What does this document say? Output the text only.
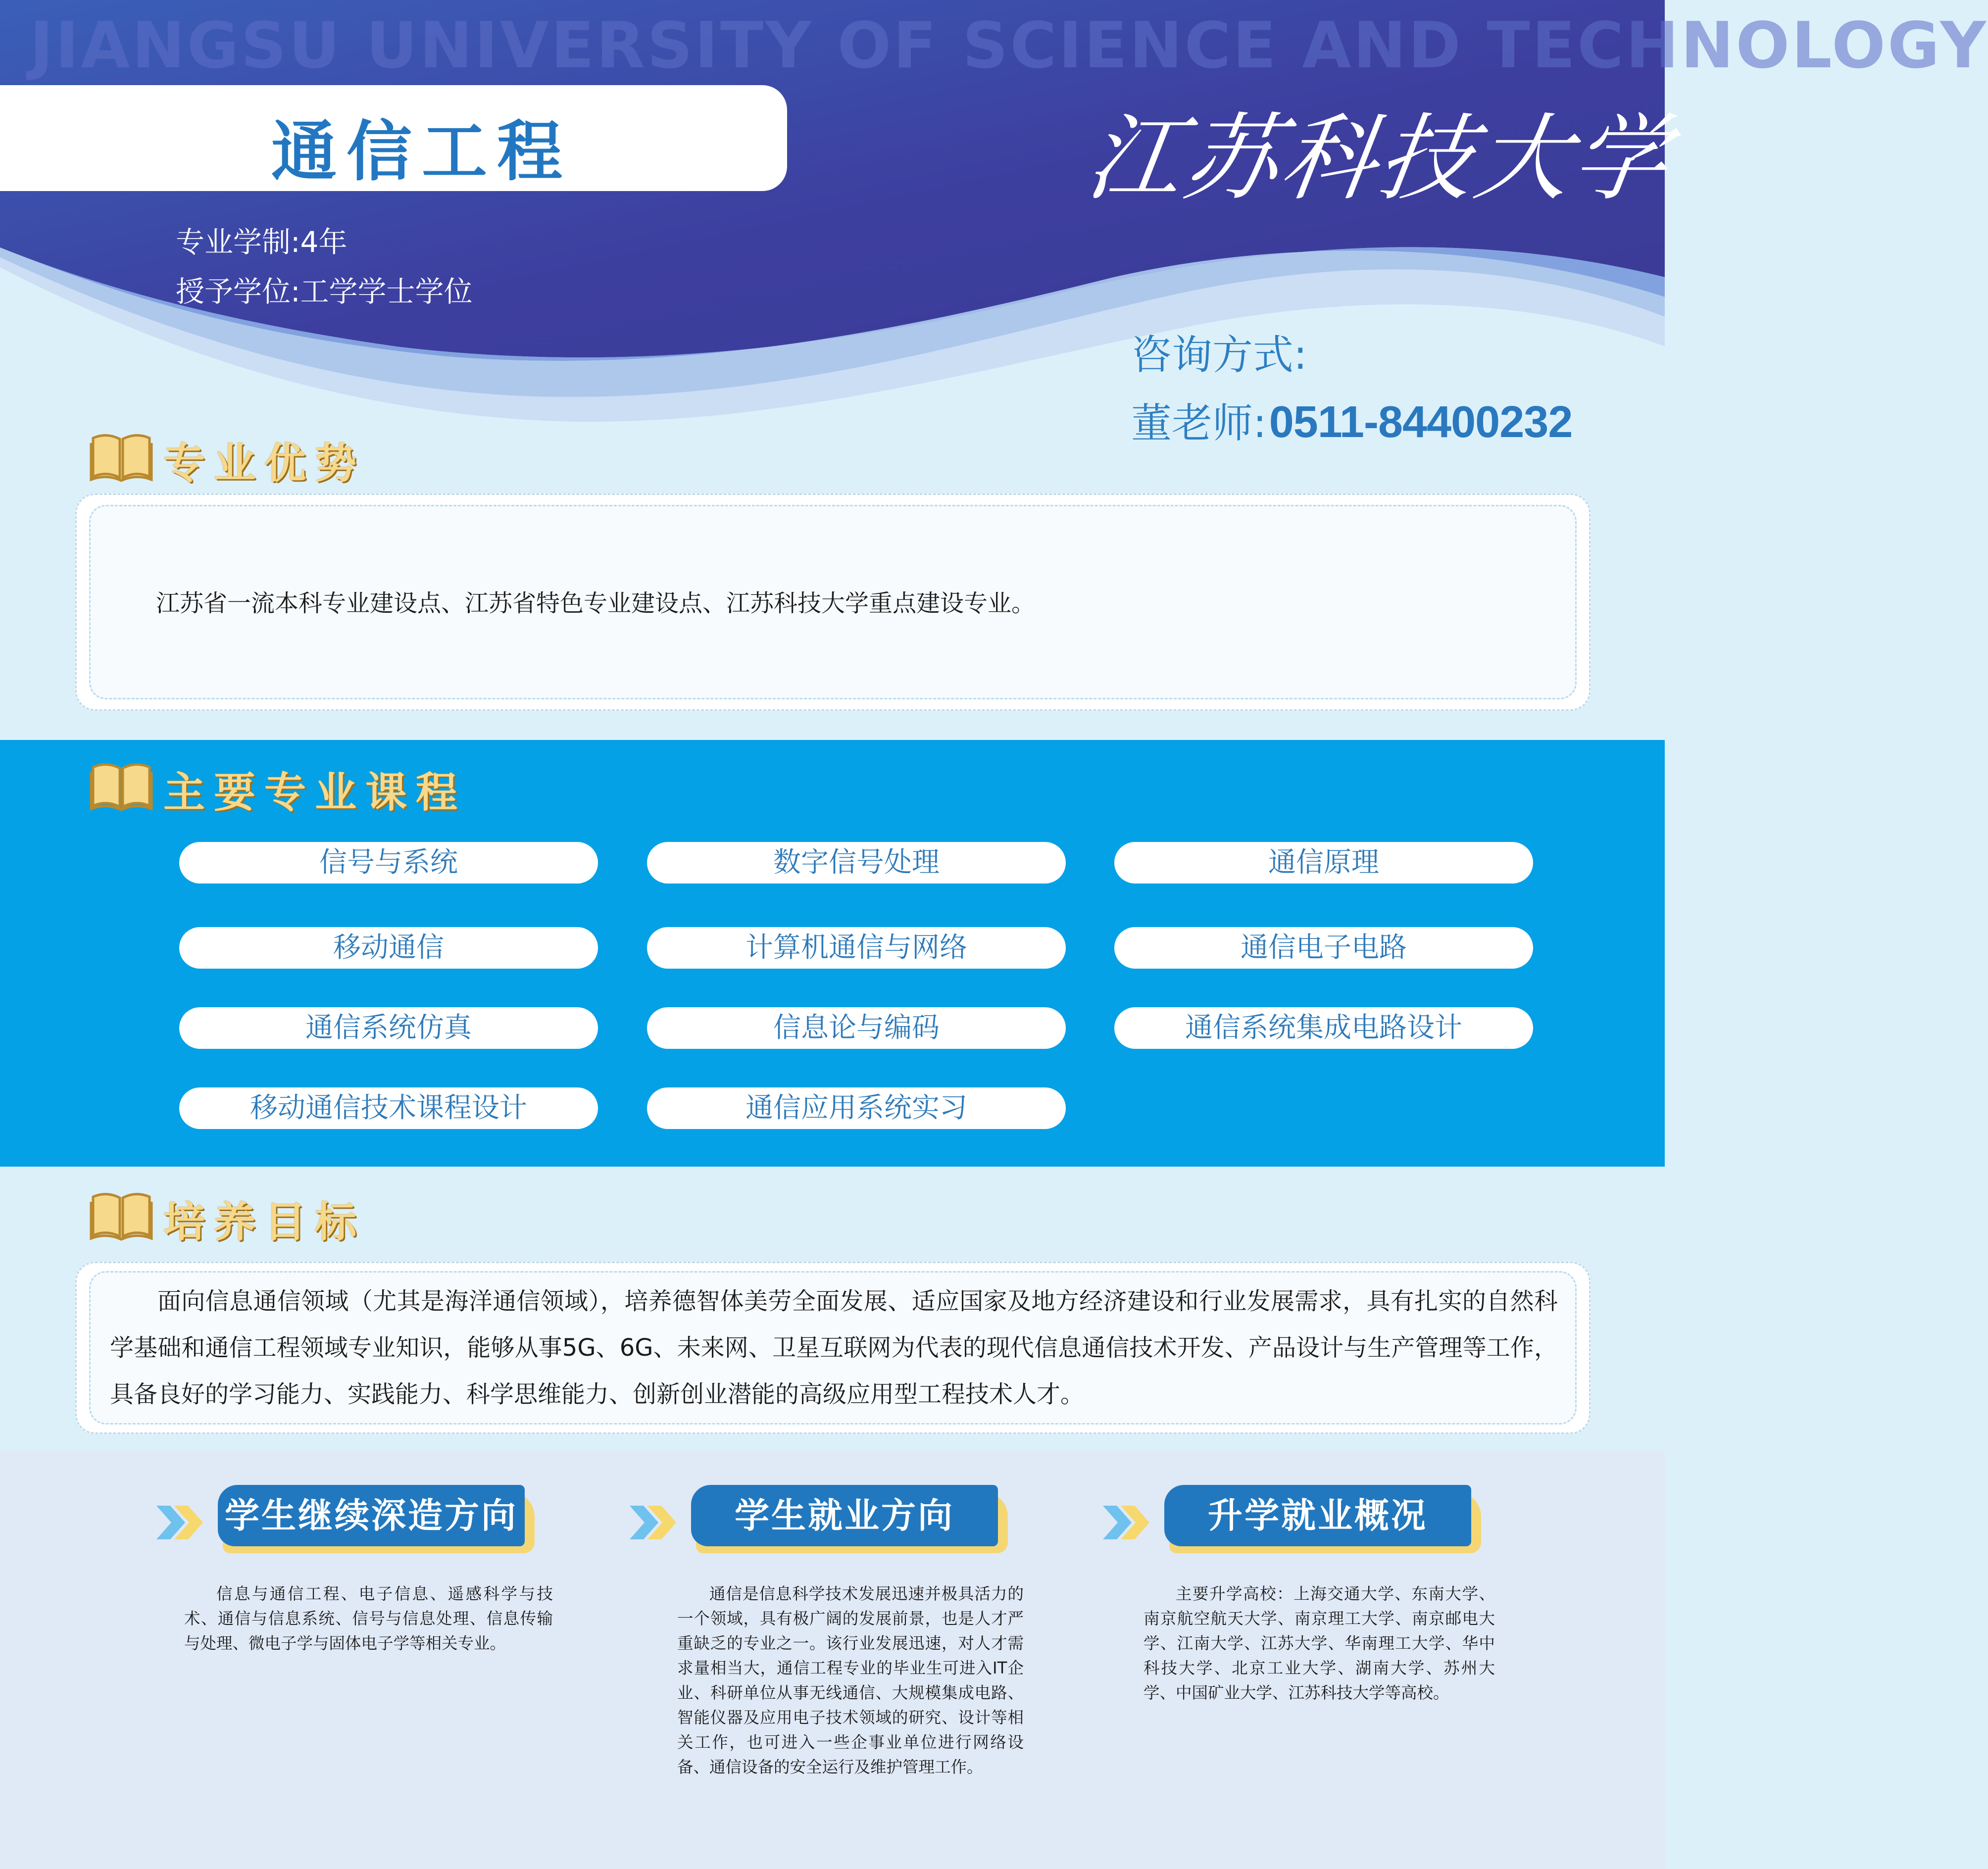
JIANGSU UNIVERSITY OF SCIENCE AND TECHNOLOGY
通信工程	江苏科技大学
专业学制:4年
授予学位:工学学士学位
咨询方式:
董老师: 0511-84400232
专业优势
江苏省一流本科专业建设点、江苏省特色专业建设点、江苏科技大学重点建设专业。
主要专业课程
信号与系统	数字信号处理	通信原理
移动通信	计算机通信与网络	通信电子电路
通信系统仿真	信息论与编码	通信系统集成电路设计
移动通信技术课程设计	通信应用系统实习
培养目标
面向信息通信领域（尤其是海洋通信领域），培养德智体美劳全面发展、适应国家及地方经济建设和行业发展需求，具有扎实的自然科学基础和通信工程领域专业知识，能够从事5G、6G、未来网、卫星互联网为代表的现代信息通信技术开发、产品设计与生产管理等工作，具备良好的学习能力、实践能力、科学思维能力、创新创业潜能的高级应用型工程技术人才。
学生继续深造方向
信息与通信工程、电子信息、遥感科学与技术、通信与信息系统、信号与信息处理、信息传输与处理、微电子学与固体电子学等相关专业。
学生就业方向
通信是信息科学技术发展迅速并极具活力的一个领域，具有极广阔的发展前景，也是人才严重缺乏的专业之一。该行业发展迅速，对人才需求量相当大，通信工程专业的毕业生可进入IT企业、科研单位从事无线通信、大规模集成电路、智能仪器及应用电子技术领域的研究、设计等相关工作，也可进入一些企事业单位进行网络设备、通信设备的安全运行及维护管理工作。
升学就业概况
主要升学高校：上海交通大学、东南大学、南京航空航天大学、南京理工大学、南京邮电大学、江南大学、江苏大学、华南理工大学、华中科技大学、北京工业大学、湖南大学、苏州大学、中国矿业大学、江苏科技大学等高校。
